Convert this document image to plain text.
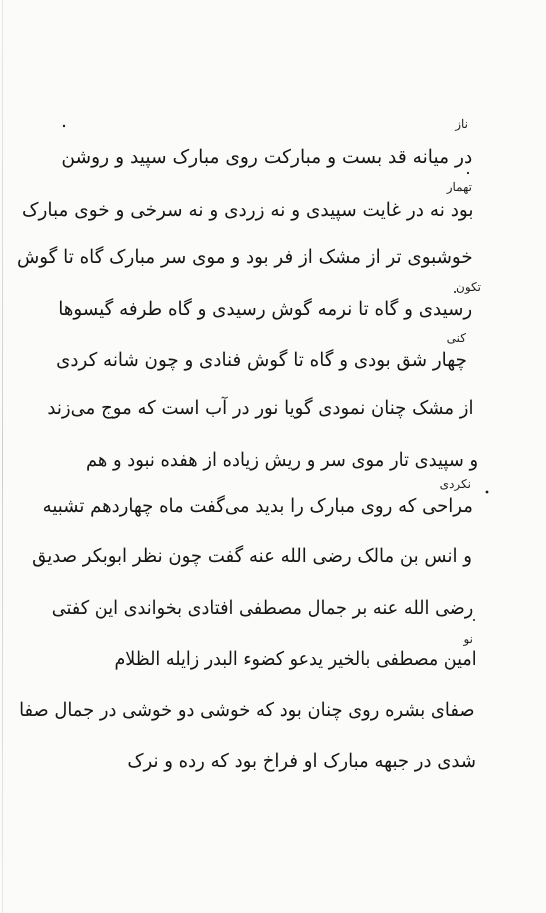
در میانه قد بست و مبارکت روی مبارک سپید و روشن
بود نه در غایت سپیدی و نه زردی و نه سرخی و خوی مبارک
خوشبوی تر از مشک از فر بود و موی سر مبارک گاه تا گوش
رسیدی و گاه تا نرمه گوش رسیدی و گاه طرفه گیسوها
چهار شق بودی و گاه تا گوش فنادی و چون شانه کردی
از مشک چنان نمودی گویا نور در آب است که موج می‌زند
و سپیدی تار موی سر و ریش زیاده از هفده نبود و هم
مراحی که روی مبارک را بدید می‌گفت ماه چهاردهم تشبیه
و انس بن مالک رضی الله عنه گفت چون نظر ابوبکر صدیق
رضی الله عنه بر جمال مصطفی افتادی بخواندی این کفتی
امین مصطفی بالخیر یدعو کضوء البدر زایله الظلام
صفای بشره روی چنان بود که خوشی دو خوشی در جمال صفا
شدی در جبهه مبارک او فراخ بود که رده و نرک
ناز
تهمار
تکون
کنی
نکردی
نو
